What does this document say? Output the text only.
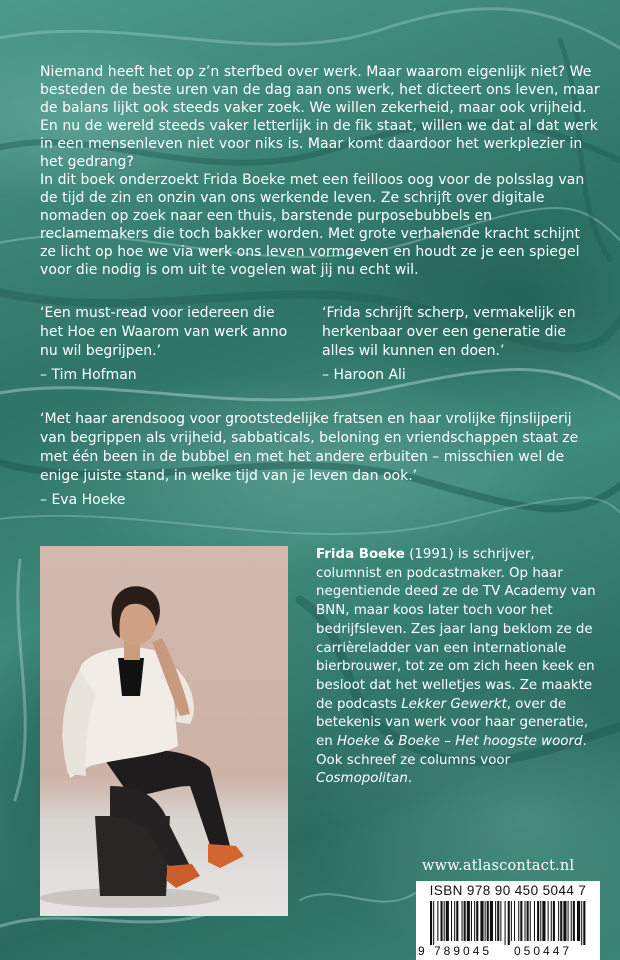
Niemand heeft het op z’n sterfbed over werk. Maar waarom eigenlijk niet? We besteden de beste uren van de dag aan ons werk, het dicteert ons leven, maar de balans lijkt ook steeds vaker zoek. We willen zekerheid, maar ook vrijheid. En nu de wereld steeds vaker letterlijk in de fik staat, willen we dat al dat werk in een mensenleven niet voor niks is. Maar komt daardoor het werkplezier in het gedrang?

In dit boek onderzoekt Frida Boeke met een feilloos oog voor de polsslag van de tijd de zin en onzin van ons werkende leven. Ze schrijft over digitale nomaden op zoek naar een thuis, barstende purposebubbels en reclamemakers die toch bakker worden. Met grote verhalende kracht schijnt ze licht op hoe we via werk ons leven vormgeven en houdt ze je een spiegel voor die nodig is om uit te vogelen wat jij nu echt wil.

‘Een must-read voor iedereen die het Hoe en Waarom van werk anno nu wil begrijpen.’

– Tim Hofman

‘Frida schrijft scherp, vermakelijk en herkenbaar over een generatie die alles wil kunnen en doen.’

– Haroon Ali

‘Met haar arendsoog voor grootstedelijke fratsen en haar vrolijke fijnslijperij van begrippen als vrijheid, sabbaticals, beloning en vriendschappen staat ze met één been in de bubbel en met het andere erbuiten – misschien wel de enige juiste stand, in welke tijd van je leven dan ook.’

– Eva Hoeke

Frida Boeke (1991) is schrijver, columnist en podcastmaker. Op haar negentiende deed ze de TV Academy van BNN, maar koos later toch voor het bedrijfsleven. Zes jaar lang beklom ze de carrièreladder van een internationale bierbrouwer, tot ze om zich heen keek en besloot dat het welletjes was. Ze maakte de podcasts Lekker Gewerkt, over de betekenis van werk voor haar generatie, en Hoeke & Boeke – Het hoogste woord. Ook schreef ze columns voor Cosmopolitan.

www.atlascontact.nl
ISBN 978 90 450 5044 7
9 789045 050447
